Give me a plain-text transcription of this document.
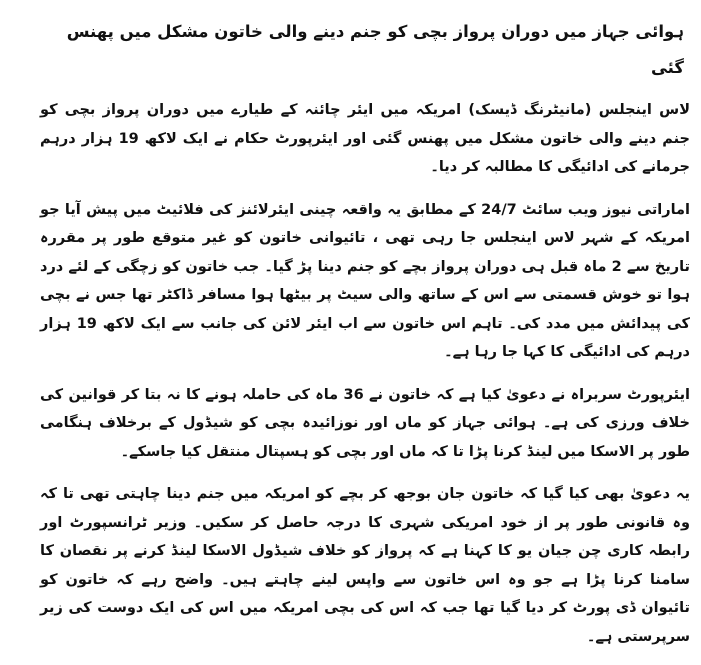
ہوائی جہاز میں دوران پرواز بچی کو جنم دینے والی خاتون مشکل میں پھنس گئی

لاس اینجلس (مانیٹرنگ ڈیسک) امریکہ میں ایئر چائنہ کے طیارے میں دوران پرواز بچی کو جنم دینے والی خاتون مشکل میں پھنس گئی اور ایئرپورٹ حکام نے ایک لاکھ 19 ہزار درہم جرمانے کی ادائیگی کا مطالبہ کر دیا۔

اماراتی نیوز ویب سائٹ 24/7 کے مطابق یہ واقعہ چینی ایئرلائنز کی فلائیٹ میں پیش آیا جو امریکہ کے شہر لاس اینجلس جا رہی تھی ، تائیوانی خاتون کو غیر متوقع طور پر مقررہ تاریخ سے 2 ماہ قبل ہی دوران پرواز بچے کو جنم دینا پڑ گیا۔ جب خاتون کو زچگی کے لئے درد ہوا تو خوش قسمتی سے اس کے ساتھ والی سیٹ پر بیٹھا ہوا مسافر ڈاکٹر تھا جس نے بچی کی پیدائش میں مدد کی۔ تاہم اس خاتون سے اب ایئر لائن کی جانب سے ایک لاکھ 19 ہزار درہم کی ادائیگی کا کہا جا رہا ہے۔

ایئرپورٹ سربراہ نے دعویٰ کیا ہے کہ خاتون نے 36 ماہ کی حاملہ ہونے کا نہ بتا کر قوانین کی خلاف ورزی کی ہے۔ ہوائی جہاز کو ماں اور نوزائیدہ بچی کو شیڈول کے برخلاف ہنگامی طور پر الاسکا میں لینڈ کرنا پڑا تا کہ ماں اور بچی کو ہسپتال منتقل کیا جاسکے۔

یہ دعویٰ بھی کیا گیا کہ خاتون جان بوجھ کر بچے کو امریکہ میں جنم دینا چاہتی تھی تا کہ وہ قانونی طور پر از خود امریکی شہری کا درجہ حاصل کر سکیں۔ وزیر ٹرانسپورٹ اور رابطہ کاری چن جیان یو کا کہنا ہے کہ پرواز کو خلاف شیڈول الاسکا لینڈ کرنے پر نقصان کا سامنا کرنا پڑا ہے جو وہ اس خاتون سے واپس لینے چاہتے ہیں۔ واضح رہے کہ خاتون کو تائیوان ڈی پورٹ کر دیا گیا تھا جب کہ اس کی بچی امریکہ میں اس کی ایک دوست کی زیر سرپرستی ہے۔
